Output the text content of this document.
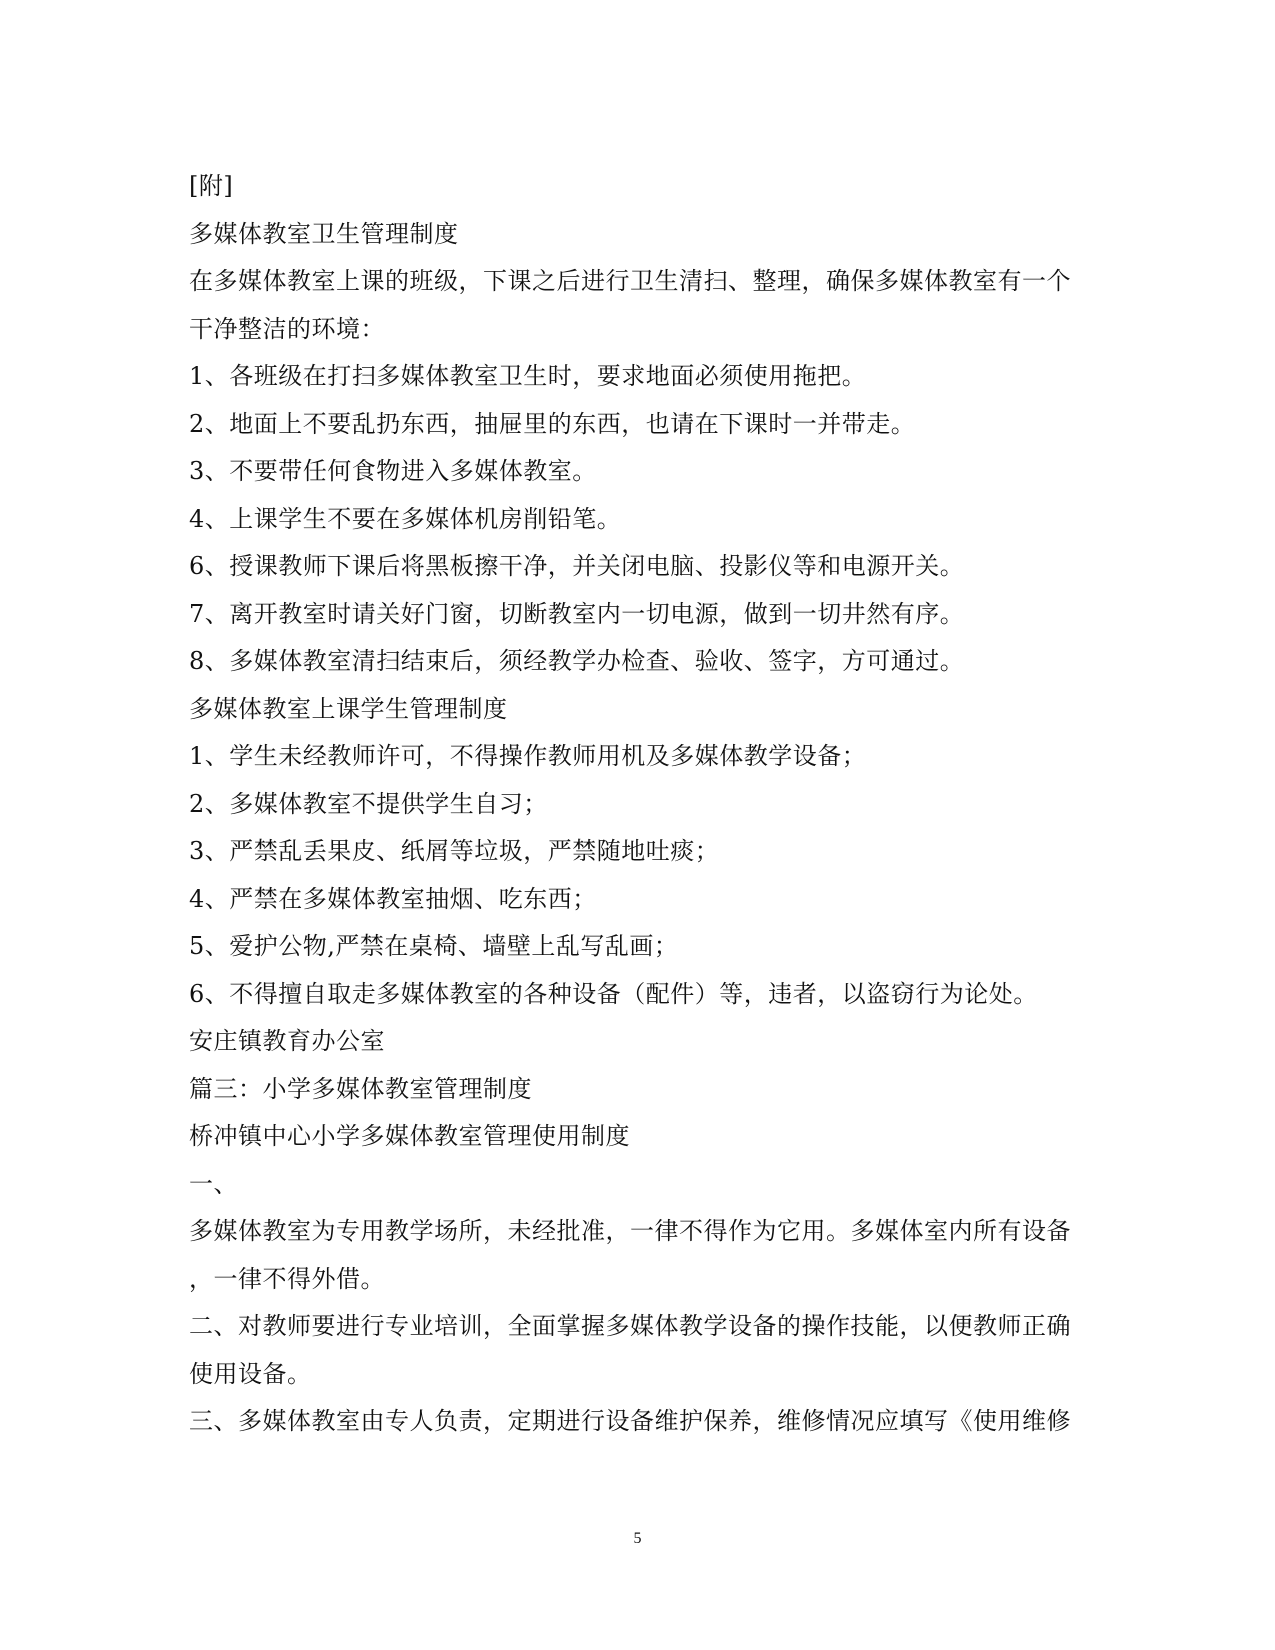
[附]
多媒体教室卫生管理制度
在多媒体教室上课的班级，下课之后进行卫生清扫、整理，确保多媒体教室有一个
干净整洁的环境：
1、各班级在打扫多媒体教室卫生时，要求地面必须使用拖把。
2、地面上不要乱扔东西，抽屉里的东西，也请在下课时一并带走。
3、不要带任何食物进入多媒体教室。
4、上课学生不要在多媒体机房削铅笔。
6、授课教师下课后将黑板擦干净，并关闭电脑、投影仪等和电源开关。
7、离开教室时请关好门窗，切断教室内一切电源，做到一切井然有序。
8、多媒体教室清扫结束后，须经教学办检查、验收、签字，方可通过。
多媒体教室上课学生管理制度
1、学生未经教师许可，不得操作教师用机及多媒体教学设备；
2、多媒体教室不提供学生自习；
3、严禁乱丢果皮、纸屑等垃圾，严禁随地吐痰；
4、严禁在多媒体教室抽烟、吃东西；
5、爱护公物,严禁在桌椅、墙壁上乱写乱画；
6、不得擅自取走多媒体教室的各种设备（配件）等，违者，以盗窃行为论处。
安庄镇教育办公室
篇三：小学多媒体教室管理制度
桥冲镇中心小学多媒体教室管理使用制度
一、
多媒体教室为专用教学场所，未经批准，一律不得作为它用。多媒体室内所有设备
，一律不得外借。
二、对教师要进行专业培训，全面掌握多媒体教学设备的操作技能，以便教师正确
使用设备。
三、多媒体教室由专人负责，定期进行设备维护保养，维修情况应填写《使用维修
5
